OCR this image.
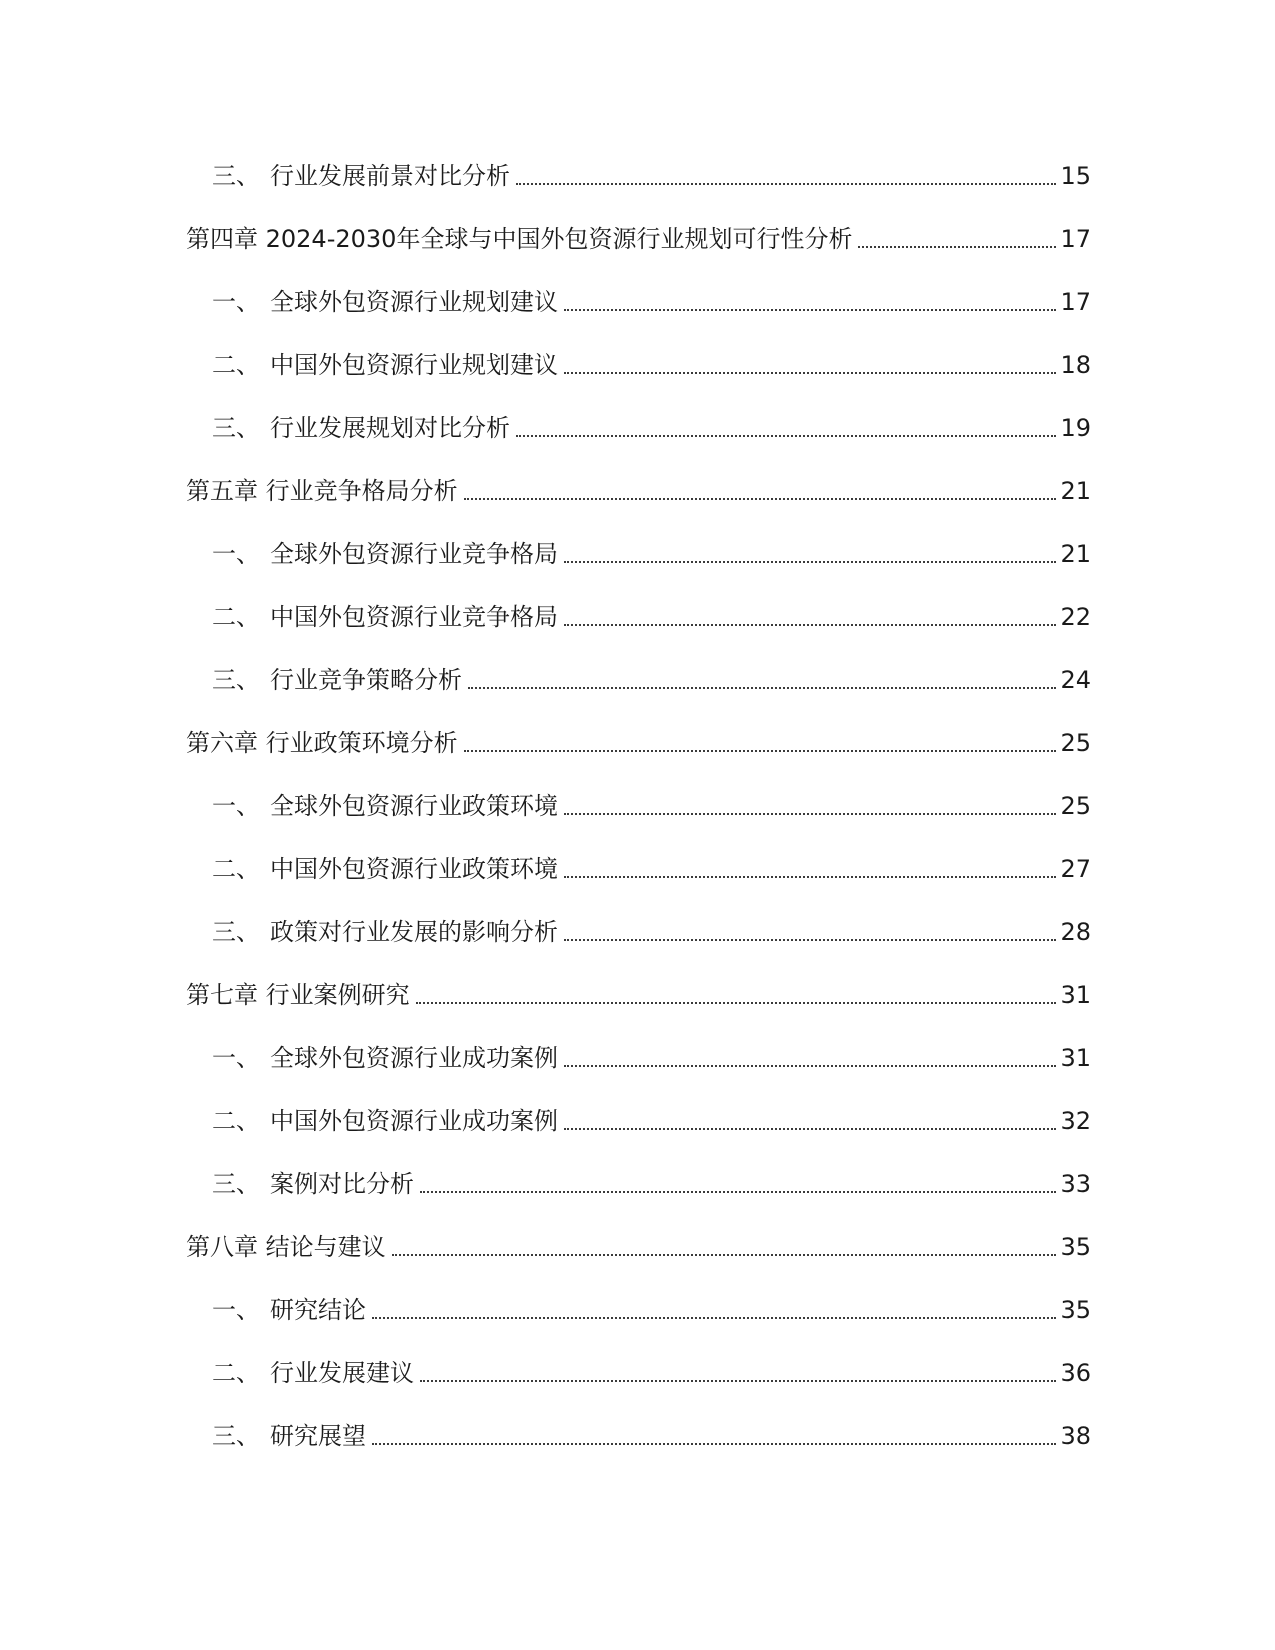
三、 行业发展前景对比分析	15
第四章 2024-2030年全球与中国外包资源行业规划可行性分析	17
一、 全球外包资源行业规划建议	17
二、 中国外包资源行业规划建议	18
三、 行业发展规划对比分析	19
第五章 行业竞争格局分析	21
一、 全球外包资源行业竞争格局	21
二、 中国外包资源行业竞争格局	22
三、 行业竞争策略分析	24
第六章 行业政策环境分析	25
一、 全球外包资源行业政策环境	25
二、 中国外包资源行业政策环境	27
三、 政策对行业发展的影响分析	28
第七章 行业案例研究	31
一、 全球外包资源行业成功案例	31
二、 中国外包资源行业成功案例	32
三、 案例对比分析	33
第八章 结论与建议	35
一、 研究结论	35
二、 行业发展建议	36
三、 研究展望	38
